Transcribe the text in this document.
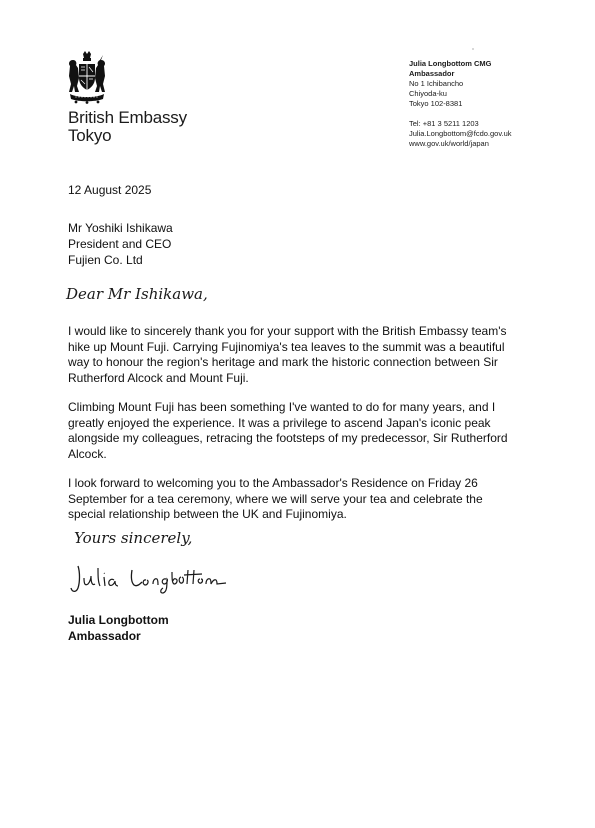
British Embassy
Tokyo
Julia Longbottom CMG
Ambassador
No 1 Ichibancho
Chiyoda-ku
Tokyo 102-8381
Tel: +81 3 5211 1203
Julia.Longbottom@fcdo.gov.uk
www.gov.uk/world/japan
12 August 2025
Mr Yoshiki Ishikawa
President and CEO
Fujien Co. Ltd
Dear Mr Ishikawa,

I would like to sincerely thank you for your support with the British Embassy team's hike up Mount Fuji. Carrying Fujinomiya's tea leaves to the summit was a beautiful way to honour the region's heritage and mark the historic connection between Sir Rutherford Alcock and Mount Fuji.

Climbing Mount Fuji has been something I've wanted to do for many years, and I greatly enjoyed the experience. It was a privilege to ascend Japan's iconic peak alongside my colleagues, retracing the footsteps of my predecessor, Sir Rutherford Alcock.

I look forward to welcoming you to the Ambassador's Residence on Friday 26 September for a tea ceremony, where we will serve your tea and celebrate the special relationship between the UK and Fujinomiya.

Yours sincerely,
Julia Longbottom
Ambassador
